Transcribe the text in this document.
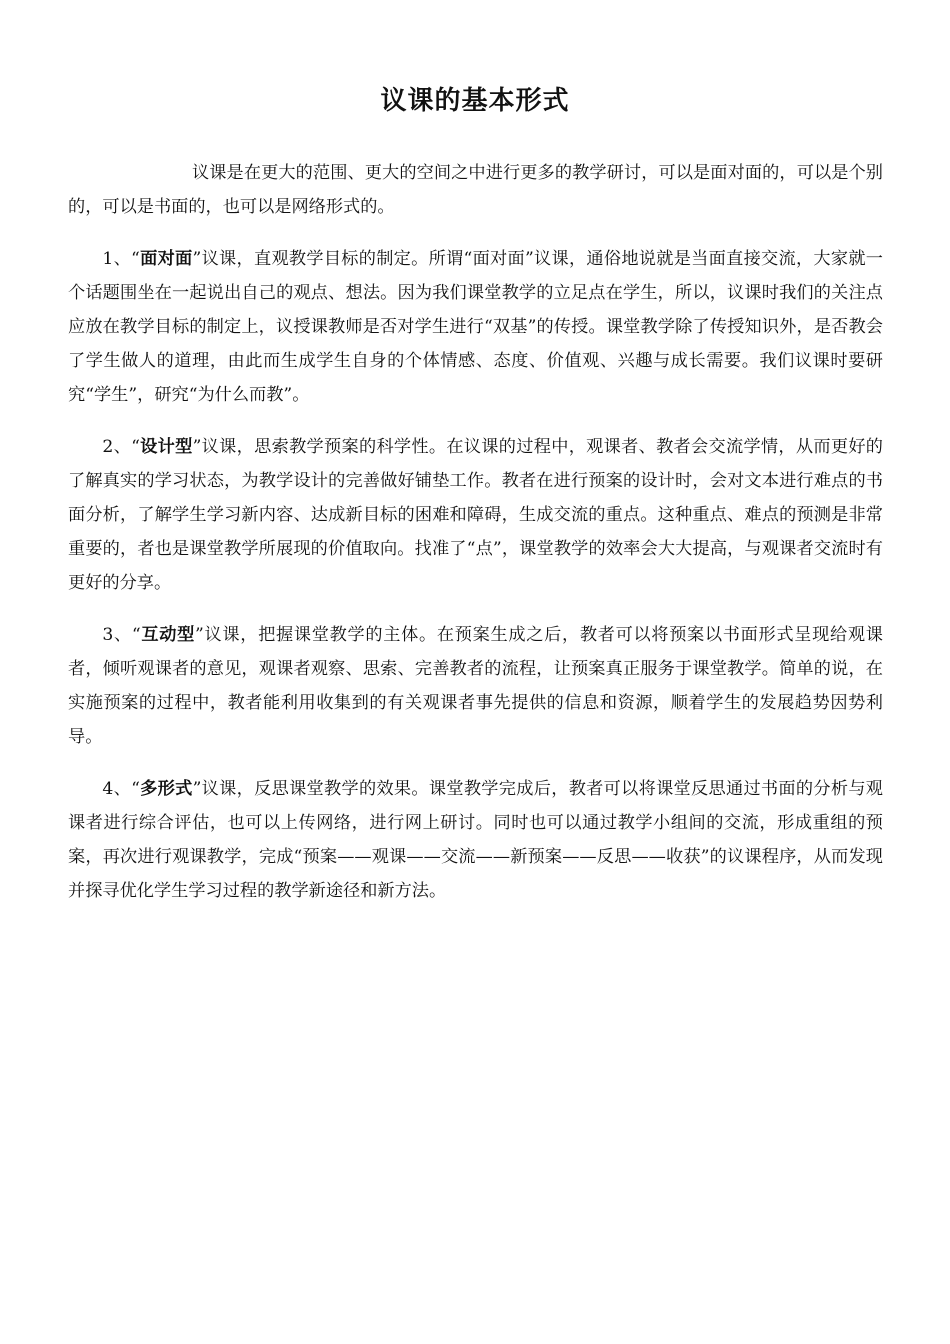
议课的基本形式

议课是在更大的范围、更大的空间之中进行更多的教学研讨，可以是面对面的，可以是个别的，可以是书面的，也可以是网络形式的。

1、“面对面”议课，直观教学目标的制定。所谓“面对面”议课，通俗地说就是当面直接交流，大家就一个话题围坐在一起说出自己的观点、想法。因为我们课堂教学的立足点在学生，所以，议课时我们的关注点应放在教学目标的制定上，议授课教师是否对学生进行“双基”的传授。课堂教学除了传授知识外，是否教会了学生做人的道理，由此而生成学生自身的个体情感、态度、价值观、兴趣与成长需要。我们议课时要研究“学生”，研究“为什么而教”。

2、“设计型”议课，思索教学预案的科学性。在议课的过程中，观课者、教者会交流学情，从而更好的了解真实的学习状态，为教学设计的完善做好铺垫工作。教者在进行预案的设计时，会对文本进行难点的书面分析，了解学生学习新内容、达成新目标的困难和障碍，生成交流的重点。这种重点、难点的预测是非常重要的，者也是课堂教学所展现的价值取向。找准了“点”，课堂教学的效率会大大提高，与观课者交流时有更好的分享。

3、“互动型”议课，把握课堂教学的主体。在预案生成之后，教者可以将预案以书面形式呈现给观课者，倾听观课者的意见，观课者观察、思索、完善教者的流程，让预案真正服务于课堂教学。简单的说，在实施预案的过程中，教者能利用收集到的有关观课者事先提供的信息和资源，顺着学生的发展趋势因势利导。

4、“多形式”议课，反思课堂教学的效果。课堂教学完成后，教者可以将课堂反思通过书面的分析与观课者进行综合评估，也可以上传网络，进行网上研讨。同时也可以通过教学小组间的交流，形成重组的预案，再次进行观课教学，完成“预案——观课——交流——新预案——反思——收获”的议课程序，从而发现并探寻优化学生学习过程的教学新途径和新方法。
